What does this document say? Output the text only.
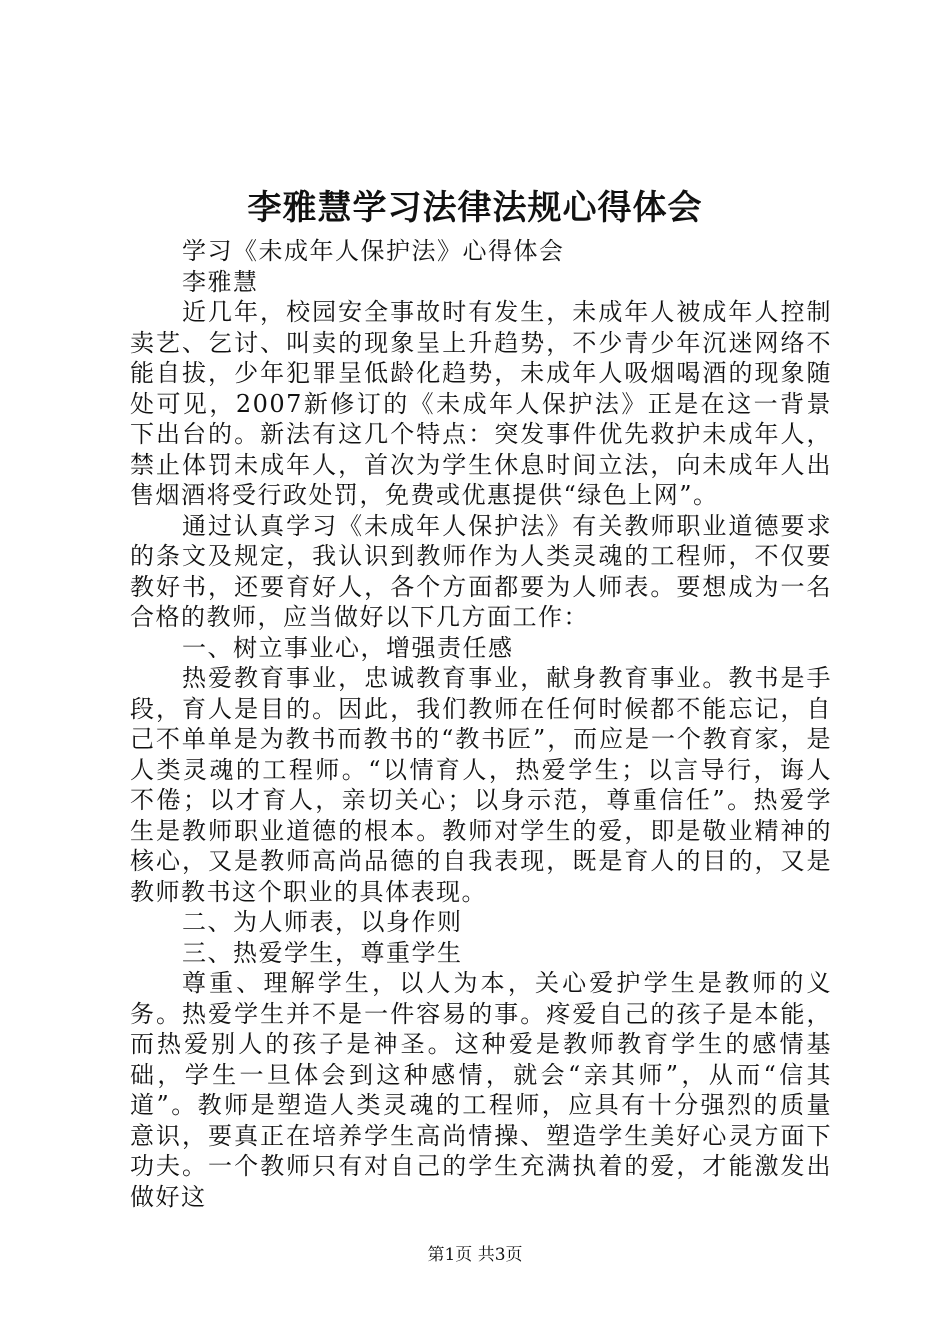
李雅慧学习法律法规心得体会

学习《未成年人保护法》心得体会

李雅慧

近几年，校园安全事故时有发生，未成年人被成年人控制卖艺、乞讨、叫卖的现象呈上升趋势，不少青少年沉迷网络不能自拔，少年犯罪呈低龄化趋势，未成年人吸烟喝酒的现象随处可见，2007新修订的《未成年人保护法》正是在这一背景下出台的。新法有这几个特点：突发事件优先救护未成年人，禁止体罚未成年人，首次为学生休息时间立法，向未成年人出售烟酒将受行政处罚，免费或优惠提供“绿色上网”。

通过认真学习《未成年人保护法》有关教师职业道德要求的条文及规定，我认识到教师作为人类灵魂的工程师，不仅要教好书，还要育好人，各个方面都要为人师表。要想成为一名合格的教师，应当做好以下几方面工作：

一、树立事业心，增强责任感

热爱教育事业，忠诚教育事业，献身教育事业。教书是手段，育人是目的。因此，我们教师在任何时候都不能忘记，自己不单单是为教书而教书的“教书匠”，而应是一个教育家，是人类灵魂的工程师。“以情育人，热爱学生；以言导行，诲人不倦；以才育人，亲切关心；以身示范，尊重信任”。热爱学生是教师职业道德的根本。教师对学生的爱，即是敬业精神的核心，又是教师高尚品德的自我表现，既是育人的目的，又是教师教书这个职业的具体表现。

二、为人师表，以身作则

三、热爱学生，尊重学生

尊重、理解学生，以人为本，关心爱护学生是教师的义务。热爱学生并不是一件容易的事。疼爱自己的孩子是本能，而热爱别人的孩子是神圣。这种爱是教师教育学生的感情基础，学生一旦体会到这种感情，就会“亲其师”，从而“信其道”。教师是塑造人类灵魂的工程师，应具有十分强烈的质量意识，要真正在培养学生高尚情操、塑造学生美好心灵方面下功夫。一个教师只有对自己的学生充满执着的爱，才能激发出做好这

第1页 共3页
